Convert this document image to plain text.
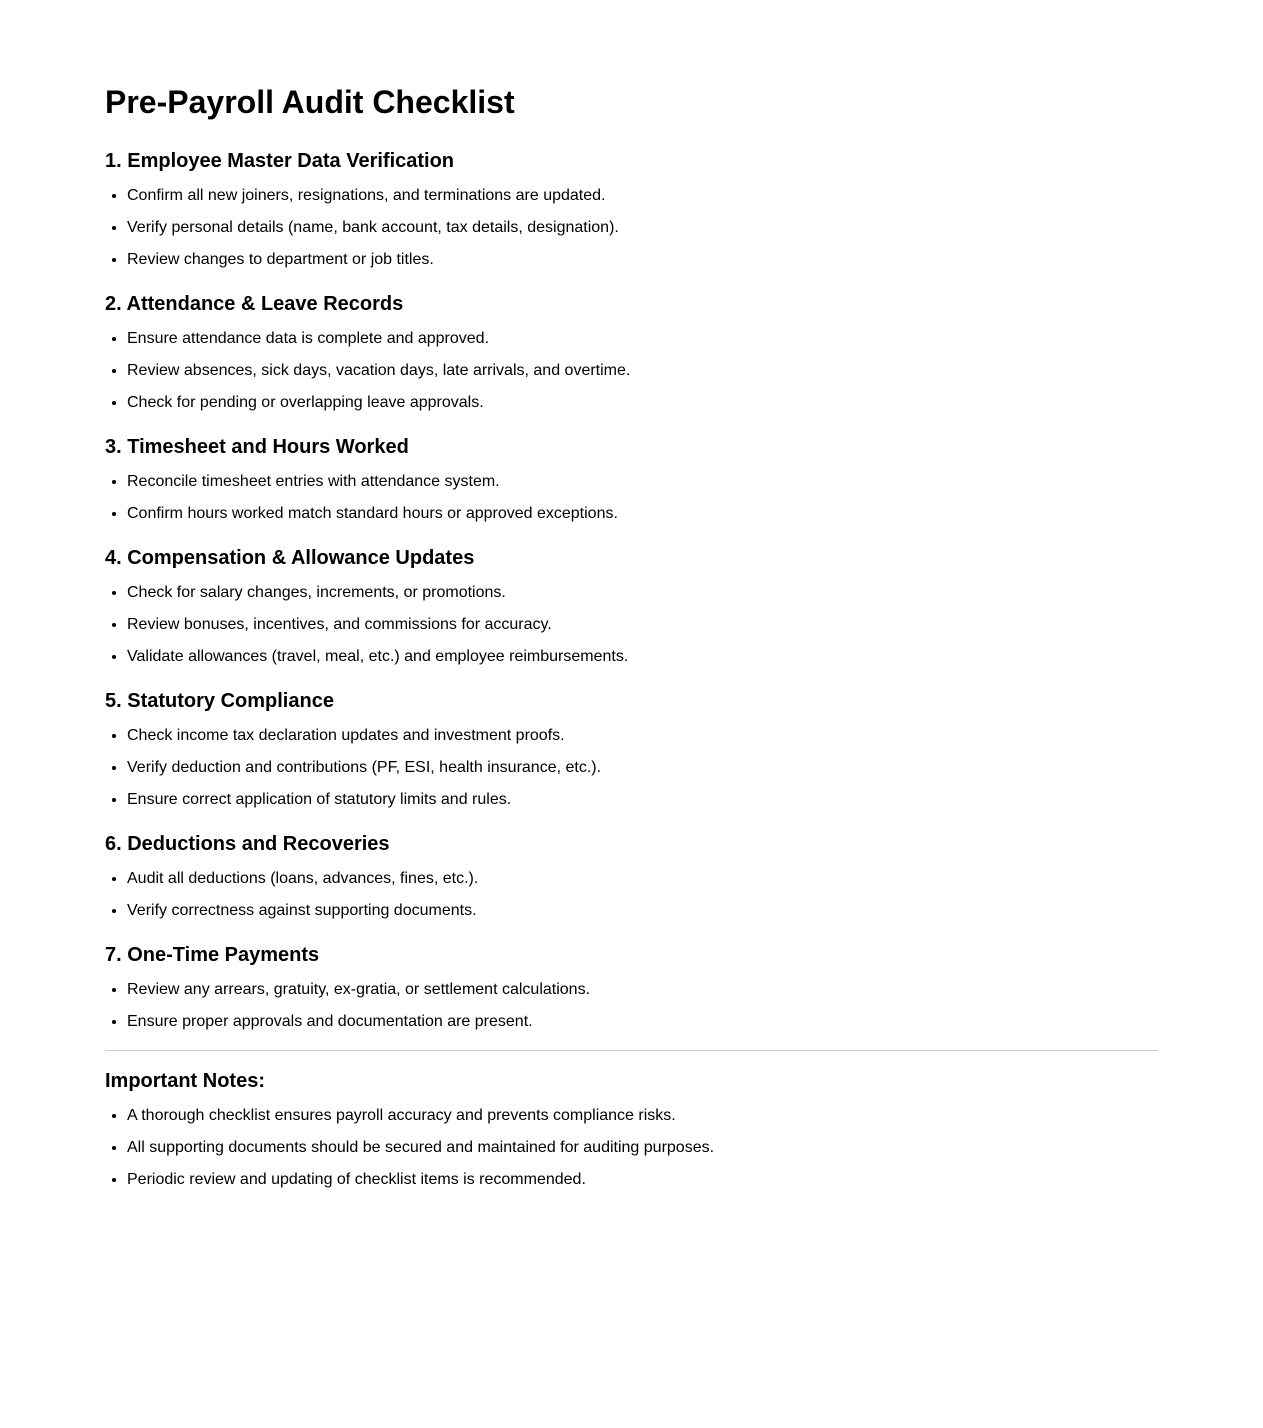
Pre-Payroll Audit Checklist
1. Employee Master Data Verification
• Confirm all new joiners, resignations, and terminations are updated.
• Verify personal details (name, bank account, tax details, designation).
• Review changes to department or job titles.
2. Attendance & Leave Records
• Ensure attendance data is complete and approved.
• Review absences, sick days, vacation days, late arrivals, and overtime.
• Check for pending or overlapping leave approvals.
3. Timesheet and Hours Worked
• Reconcile timesheet entries with attendance system.
• Confirm hours worked match standard hours or approved exceptions.
4. Compensation & Allowance Updates
• Check for salary changes, increments, or promotions.
• Review bonuses, incentives, and commissions for accuracy.
• Validate allowances (travel, meal, etc.) and employee reimbursements.
5. Statutory Compliance
• Check income tax declaration updates and investment proofs.
• Verify deduction and contributions (PF, ESI, health insurance, etc.).
• Ensure correct application of statutory limits and rules.
6. Deductions and Recoveries
• Audit all deductions (loans, advances, fines, etc.).
• Verify correctness against supporting documents.
7. One-Time Payments
• Review any arrears, gratuity, ex-gratia, or settlement calculations.
• Ensure proper approvals and documentation are present.
Important Notes:
• A thorough checklist ensures payroll accuracy and prevents compliance risks.
• All supporting documents should be secured and maintained for auditing purposes.
• Periodic review and updating of checklist items is recommended.
